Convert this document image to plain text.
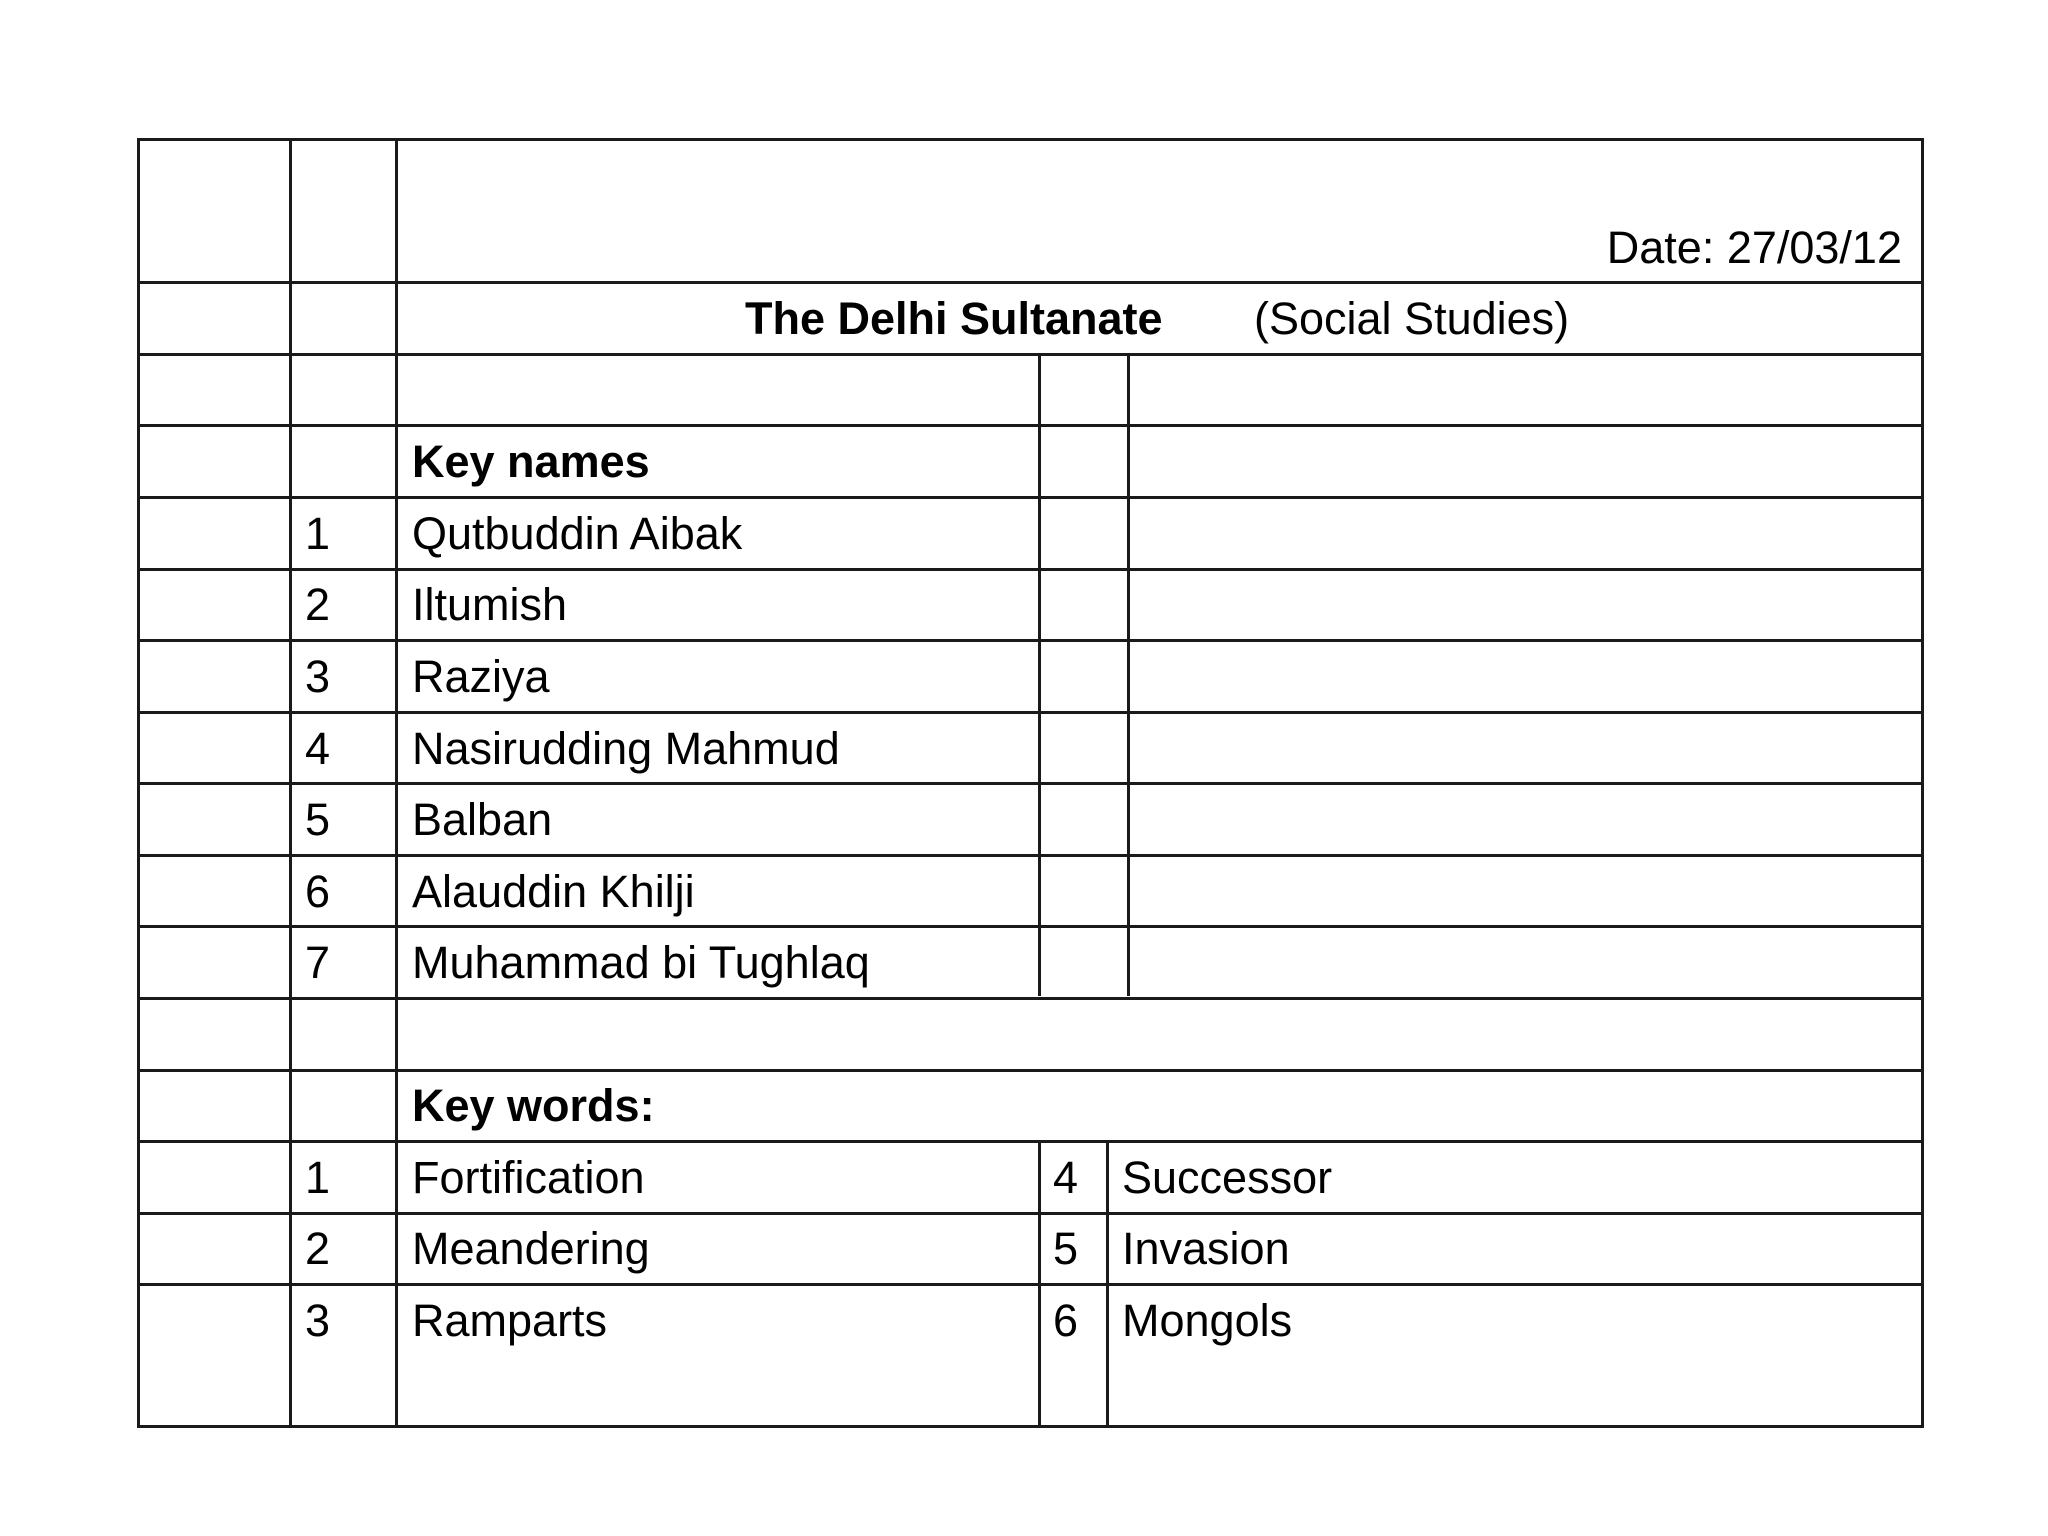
Date: 27/03/12
The Delhi Sultanate (Social Studies)
Key names
1 Qutbuddin Aibak
2 Iltumish
3 Raziya
4 Nasirudding Mahmud
5 Balban
6 Alauddin Khilji
7 Muhammad bi Tughlaq
Key words:
1 Fortification	4 Successor
2 Meandering	5 Invasion
3 Ramparts	6 Mongols
